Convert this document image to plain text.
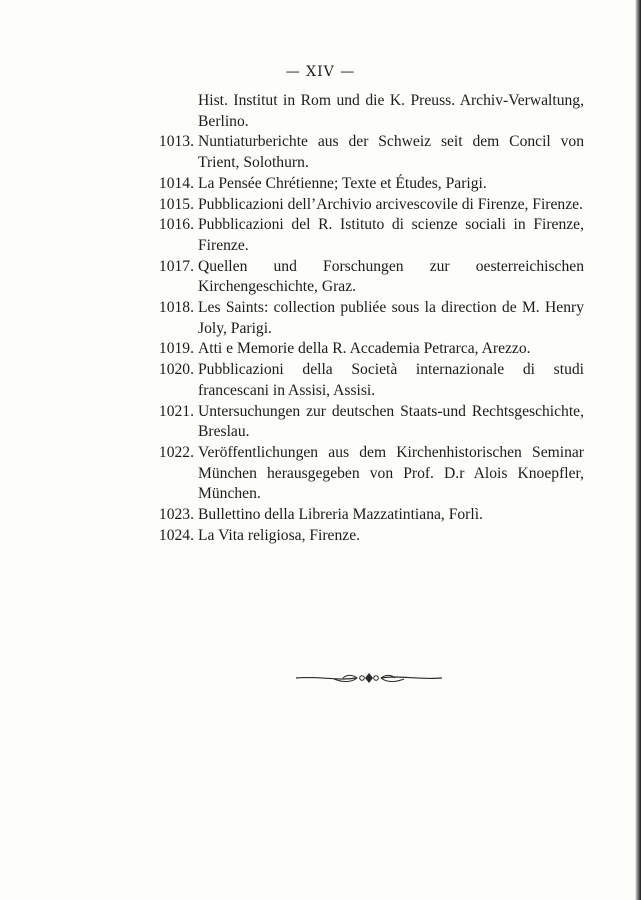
— XIV —
Hist. Institut in Rom und die K. Preuss. Archiv-Verwaltung, Berlino.
1013. Nuntiaturberichte aus der Schweiz seit dem Concil von Trient, Solothurn.
1014. La Pensée Chrétienne; Texte et Études, Parigi.
1015. Pubblicazioni dell’Archivio arcivescovile di Firenze, Firenze.
1016. Pubblicazioni del R. Istituto di scienze sociali in Firenze, Firenze.
1017. Quellen und Forschungen zur oesterreichischen Kirchengeschichte, Graz.
1018. Les Saints: collection publiée sous la direction de M. Henry Joly, Parigi.
1019. Atti e Memorie della R. Accademia Petrarca, Arezzo.
1020. Pubblicazioni della Società internazionale di studi francescani in Assisi, Assisi.
1021. Untersuchungen zur deutschen Staats-und Rechtsgeschichte, Breslau.
1022. Veröffentlichungen aus dem Kirchenhistorischen Seminar München herausgegeben von Prof. D.r Alois Knoepfler, München.
1023. Bullettino della Libreria Mazzatintiana, Forlì.
1024. La Vita religiosa, Firenze.
